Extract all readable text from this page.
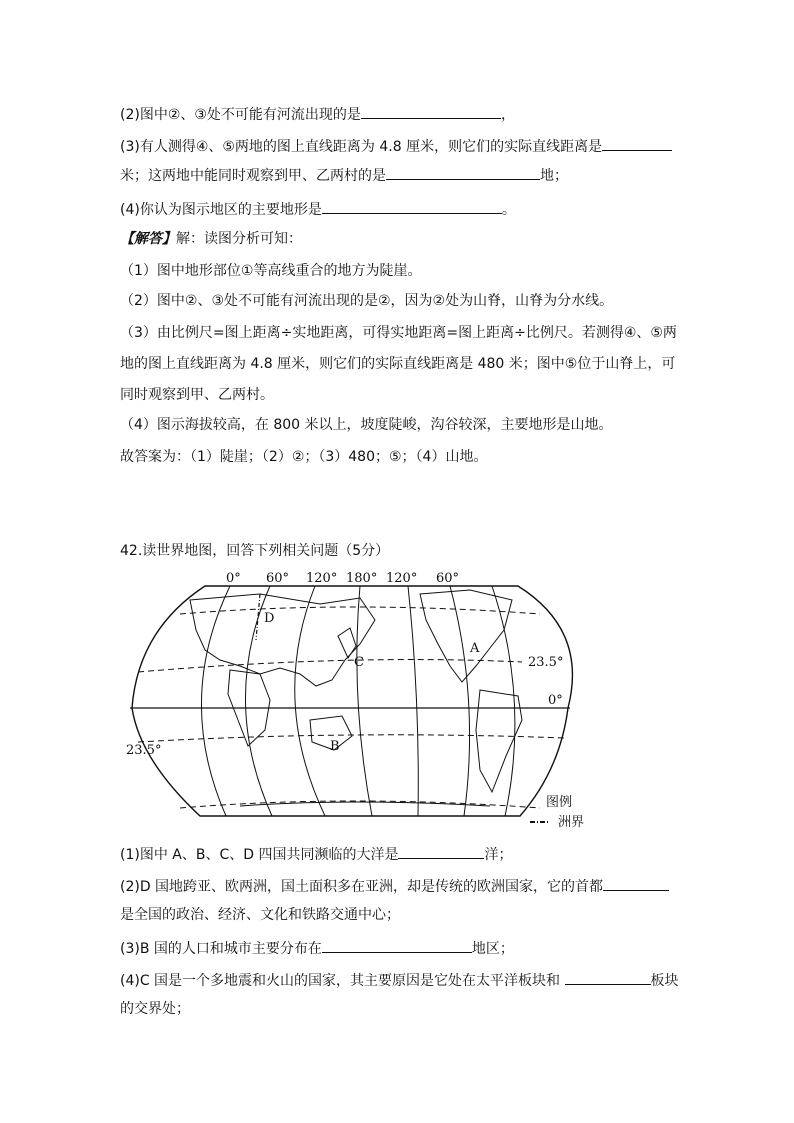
(2)图中②、③处不可能有河流出现的是	，
(3)有人测得④、⑤两地的图上直线距离为 4.8 厘米，则它们的实际直线距离是
米；这两地中能同时观察到甲、乙两村的是	地；
(4)你认为图示地区的主要地形是	。
【解答】解：读图分析可知：
（1）图中地形部位①等高线重合的地方为陡崖。
（2）图中②、③处不可能有河流出现的是②，因为②处为山脊，山脊为分水线。
（3）由比例尺=图上距离÷实地距离，可得实地距离=图上距离÷比例尺。若测得④、⑤两
地的图上直线距离为 4.8 厘米，则它们的实际直线距离是 480 米；图中⑤位于山脊上，可
同时观察到甲、乙两村。
（4）图示海拔较高，在 800 米以上，坡度陡峻，沟谷较深，主要地形是山地。
故答案为：（1）陡崖；（2）②；（3）480；⑤；（4）山地。
42.读世界地图，回答下列相关问题（5分）
0° 60° 120° 180° 120° 60°
23.5°
23.5°
0°
A
B
C
D
图例
洲界
(1)图中 A、B、C、D 四国共同濒临的大洋是	洋；
(2)D 国地跨亚、欧两洲，国土面积多在亚洲，却是传统的欧洲国家，它的首都
是全国的政治、经济、文化和铁路交通中心；
(3)B 国的人口和城市主要分布在	地区；
(4)C 国是一个多地震和火山的国家，其主要原因是它处在太平洋板块和	板块
的交界处；
